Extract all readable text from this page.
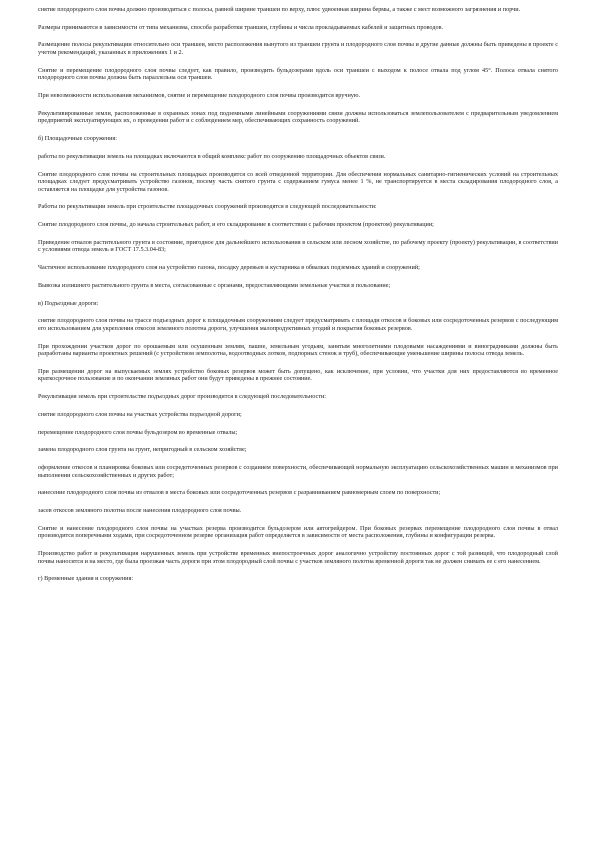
снятие плодородного слоя почвы должно производиться с полосы, равной ширине траншеи по верху, плюс удвоенная ширина бермы, а также с мест возможного загрязнения и порчи.

Размеры принимаются в зависимости от типа механизма, способа разработки траншеи, глубины и числа прокладываемых кабелей и защитных проводов.

Размещение полосы рекультивации относительно оси траншеи, место расположения вынутого из траншеи грунта и плодородного слоя почвы и другие данные должны быть приведены в проекте с учетом рекомендаций, указанных в приложениях 1 и 2.

Снятие и перемещение плодородного слоя почвы следует, как правило, производить бульдозерами вдоль оси траншеи с выходом к полосе отвала под углом 45°. Полоса отвала снятого плодородного слоя почвы должна быть параллельна оси траншеи.

При невозможности использования механизмов, снятие и перемещение плодородного слоя почвы производится вручную.

Рекультивированные земли, расположенные в охранных зонах под подземными линейными сооружениями связи должны использоваться землепользователем с предварительным уведомлением предприятий эксплуатирующих их, о проведении работ и с соблюдением мер, обеспечивающих сохранность сооружений.

б) Площадочные сооружения:

работы по рекультивации земель на площадках включаются в общий комплекс работ по сооружению площадочных объектов связи.

Снятие плодородного слоя почвы на строительных площадках производится со всей отведенной территории. Для обеспечения нормальных санитарно-гигиенических условий на строительных площадках следует предусматривать устройство газонов, посему часть снятого грунта с содержанием гумуса менее 1 %, не транспортируется в места складирования плодородного слоя, а оставляется на площадке для устройства газонов.

Работы по рекультивации земель при строительстве площадочных сооружений производятся в следующей последовательности:

Снятие плодородного слоя почвы, до начала строительных работ, и его складирование в соответствии с рабочим проектом (проектом) рекультивации;

Приведение отвалов растительного грунта в состояние, пригодное для дальнейшего использования в сельском или лесном хозяйстве, по рабочему проекту (проекту) рекультивации, в соответствии с условиями отвода земель и ГОСТ 17.5.3.04-83;

Частичное использование плодородного слоя на устройство газона, посадку деревьев и кустарника в обвалках подземных зданий и сооружений;

Вывозка излишнего растительного грунта в места, согласованные с органами, предоставляющими земельные участки в пользование;

в) Подъездные дороги:

снятие плодородного слоя почвы на трассе подъездных дорог к площадочным сооружениям следует предусматривать с площади откосов и боковых или сосредоточенных резервов с последующим его использованием для укрепления откосов земляного полотна дороги, улучшения малопродуктивных угодий и покрытия боковых резервов.

При прохождении участков дорог по орошаемым или осушенным землям, пашне, земельным угодьям, занятым многолетними плодовыми насаждениями и виноградниками должны быть разработаны варианты проектных решений (с устройством земполотна, водоотводных лотков, подпорных стенок и труб), обеспечивающие уменьшение ширины полосы отвода земель.

При размещении дорог на выпускаемых землях устройство боковых резервов может быть допущено, как исключение, при условии, что участки для них предоставляются во временное краткосрочное пользование и по окончании земляных работ они будут приведены в прежнее состояние.

Рекультивация земель при строительстве подъездных дорог производится в следующей последовательности:

снятие плодородного слоя почвы на участках устройства подъездной дороги;

перемещение плодородного слоя почвы бульдозером во временные отвалы;

замена плодородного слоя грунта на грунт, непригодный в сельском хозяйстве;

оформление откосов и планировка боковых или сосредоточенных резервов с созданием поверхности, обеспечивающей нормальную эксплуатацию сельскохозяйственных машин и механизмов при выполнении сельскохозяйственных и других работ;

нанесение плодородного слоя почвы из отвалов в места боковых или сосредоточенных резервов с разравниванием равномерным слоем по поверхности;

засев откосов земляного полотна после нанесения плодородного слоя почвы.

Снятие и нанесение плодородного слоя почвы на участках резерва производится бульдозером или автогрейдером. При боковых резервах перемещение плодородного слоя почвы в отвал производится поперечными ходами, при сосредоточенном резерве организация работ определяется в зависимости от места расположения, глубины и конфигурации резерва.

Производство работ и рекультивация нарушенных земель при устройстве временных внепостроечных дорог аналогично устройству постоянных дорог с той разницей, что плодородный слой почвы наносится и на место, где была проезжая часть дороги при этом плодородный слой почвы с участков земляного полотна временной дороги так не должен снимать ее с его нанесением.

г) Временные здания и сооружения:
